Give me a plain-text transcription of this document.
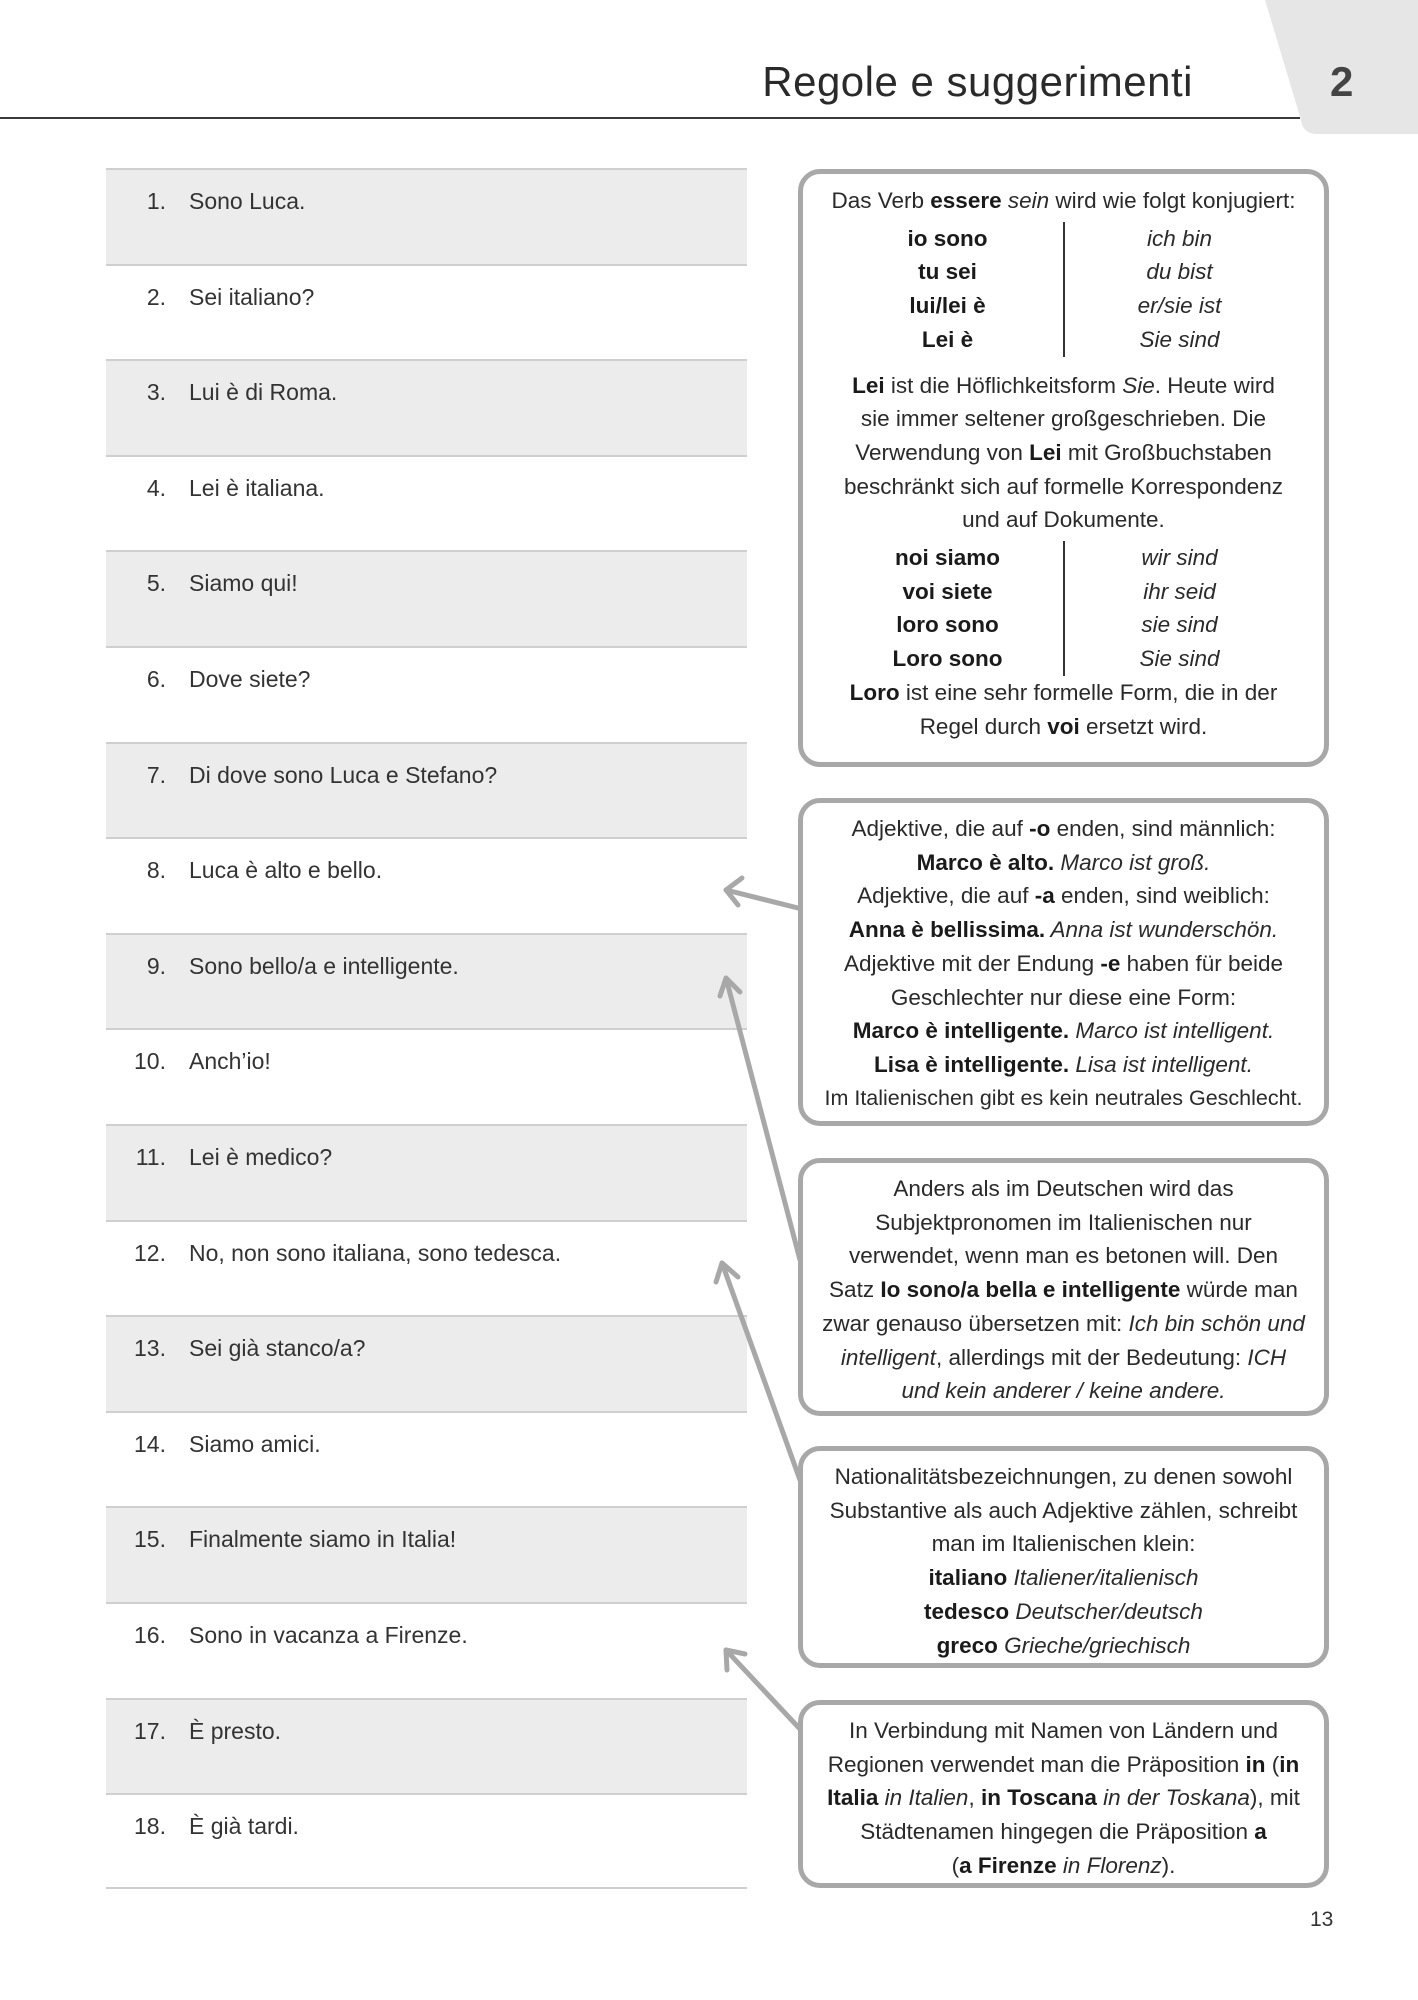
Regole e suggerimenti	2
1. Sono Luca.
2. Sei italiano?
3. Lui è di Roma.
4. Lei è italiana.
5. Siamo qui!
6. Dove siete?
7. Di dove sono Luca e Stefano?
8. Luca è alto e bello.
9. Sono bello/a e intelligente.
10. Anch’io!
11. Lei è medico?
12. No, non sono italiana, sono tedesca.
13. Sei già stanco/a?
14. Siamo amici.
15. Finalmente siamo in Italia!
16. Sono in vacanza a Firenze.
17. È presto.
18. È già tardi.
Das Verb essere sein wird wie folgt konjugiert:
io sono
tu sei
lui/lei è
Lei è
ich bin
du bist
er/sie ist
Sie sind
Lei ist die Höflichkeitsform Sie. Heute wird
sie immer seltener großgeschrieben. Die
Verwendung von Lei mit Großbuchstaben
beschränkt sich auf formelle Korrespondenz
und auf Dokumente.
noi siamo
voi siete
loro sono
Loro sono
wir sind
ihr seid
sie sind
Sie sind
Loro ist eine sehr formelle Form, die in der
Regel durch voi ersetzt wird.
Adjektive, die auf -o enden, sind männlich:
Marco è alto. Marco ist groß.
Adjektive, die auf -a enden, sind weiblich:
Anna è bellissima. Anna ist wunderschön.
Adjektive mit der Endung -e haben für beide
Geschlechter nur diese eine Form:
Marco è intelligente. Marco ist intelligent.
Lisa è intelligente. Lisa ist intelligent.
Im Italienischen gibt es kein neutrales Geschlecht.
Anders als im Deutschen wird das
Subjektpronomen im Italienischen nur
verwendet, wenn man es betonen will. Den
Satz Io sono/a bella e intelligente würde man
zwar genauso übersetzen mit: Ich bin schön und
intelligent, allerdings mit der Bedeutung: ICH
und kein anderer / keine andere.
Nationalitätsbezeichnungen, zu denen sowohl
Substantive als auch Adjektive zählen, schreibt
man im Italienischen klein:
italiano Italiener/italienisch
tedesco Deutscher/deutsch
greco Grieche/griechisch
In Verbindung mit Namen von Ländern und
Regionen verwendet man die Präposition in (in
Italia in Italien, in Toscana in der Toskana), mit
Städtenamen hingegen die Präposition a
(a Firenze in Florenz).
13
